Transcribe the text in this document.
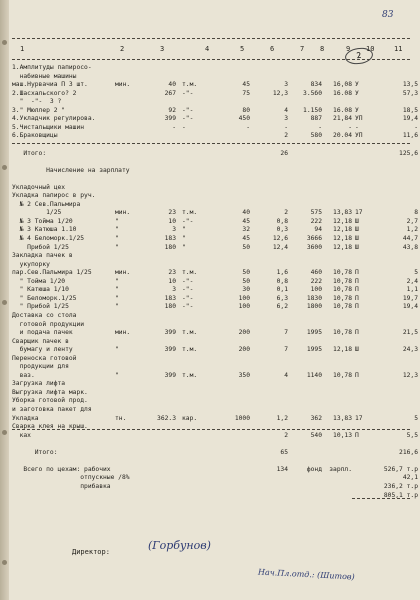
83
1	2	3	4	5	6	7 8	9 10	11
2
1.Амплитуды папиросо-
набивные машины
мaш.Нурвачиа П 3 шт.	мин.	40 т.м.	45	3	834	16,08 У	13,5
2.Шасхальского? 2	267 -"-	75	12,3	3.5б0	16.08 У	57,3
"  -"-  3 ?
3." Мюллер 2 "	92 -"-	80	4	1.150	16.08 У	18,5
4.Укладчик регулирова.	399 -"-	450	3	887	21,84 УП	19,4
5.Чистальщики машин	- -	-	-	-	- -	-
6.Браковщицы	2	580	20.04 УП	11,6
Итого:	26	125,6
Начисление на зарплату
Укладочный цех
Укладка папирос в руч.
№ 2 Сев.Пальмира
1/25	мин.	23 т.м.	40	2	575	13,83 17	8
№ 3 Тойма 1/20	"	10 -"-	45	0,8	222	12,18 Ш	2,7
№ 3 Катюша 1.10	"	3 "	32	0,3	94	12,18 Ш	1,2
№ 4 Беломорк.1/25	"	183 "	45	12,6	3666	12,18 Ш	44,7
Прибой 1/25	"	180 "	50	12,4	3600	12,18 Ш	43,8
Закладка пачек в
укупорку
пар.Сев.Пальмира 1/25	мин.	23 т.м.	50	1,6	460	10,78 П	5
" Тойма 1/20	"	10 -"-	50	0,8	222	10,78 П	2,4
" Катюша 1/10	"	3 -"-	30	0,1	100	10,78 П	1,1
" Беломорк.1/25	"	183 -"-	100	6,3	1830	10,78 П	19,7
" Прибой 1/25	"	180 -"-	100	6,2	1800	10,78 П	19,4
Доставка со стола
готовой продукции
и подача пачек	мин.	399 т.м.	200	7	1995	10,78 П	21,5
Сварщик пачек в
бумагу и ленту	"	399 т.м.	200	7	1995	12,18 Ш	24,3
Переноска готовой
продукции для
ваз.	"	399 т.м.	350	4	1140	10,78 П	12,3
Загрузка лифта
Выгрузка лифта марк.
Уборка готовой прод.
и заготовка пакет для
Укладка	тн.	362.3 кар.	1000	1,2	362	13,83 17	5
Сварка клея на крыш.
ках	2	540	10,13 П	5,5
Итого:	65	216,6
Всего по цехам: рабочих	134	фонд	зарпл.	526,7 т.р
отпускные /8%	42,1
прибавка	236,2 т.р
805,1 т.р
Директор:	(Горбунов)
Нач.Пл.отд.: (Шитов)
